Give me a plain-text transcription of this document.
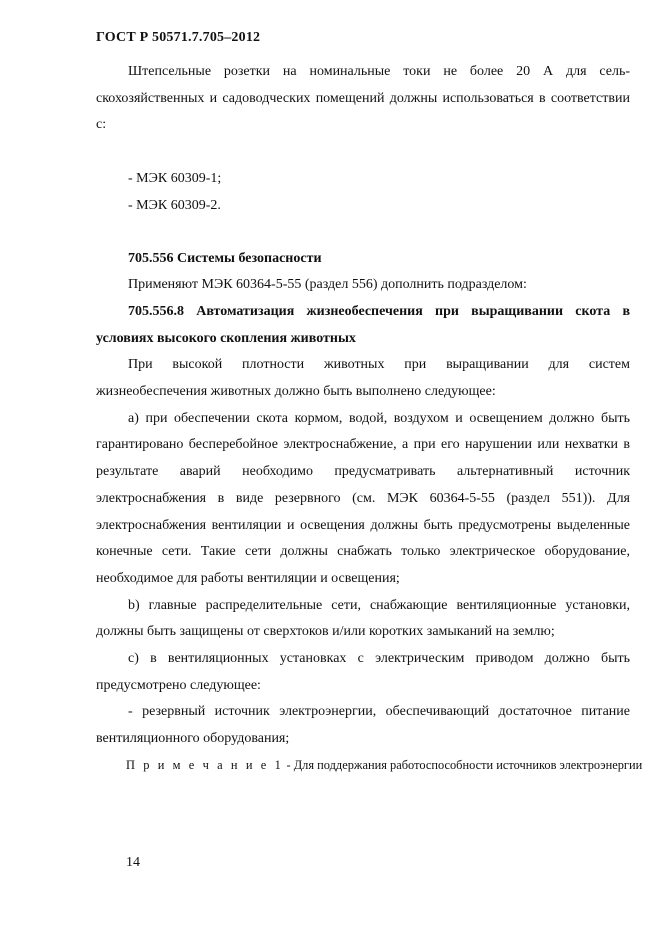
ГОСТ Р 50571.7.705–2012

Штепсельные розетки на номинальные токи не более 20 А для сель-скохозяйственных и садоводческих помещений должны использоваться в соответствии с:

- МЭК 60309-1;

- МЭК 60309-2.

705.556 Системы безопасности

Применяют МЭК 60364-5-55 (раздел 556) дополнить подразделом:

705.556.8 Автоматизация жизнеобеспечения при выращивании скота в условиях высокого скопления животных

При высокой плотности животных при выращивании для систем жизнеобеспечения животных должно быть выполнено следующее:

a) при обеспечении скота кормом, водой, воздухом и освещением должно быть гарантировано бесперебойное электроснабжение, а при его нарушении или нехватки в результате аварий необходимо предусматривать альтернативный источник электроснабжения в виде резервного (см. МЭК 60364-5-55 (раздел 551)). Для электроснабжения вентиляции и освещения должны быть предусмотрены выделенные конечные сети. Такие сети должны снабжать только электрическое оборудование, необходимое для работы вентиляции и освещения;

b) главные распределительные сети, снабжающие вентиляционные установки, должны быть защищены от сверхтоков и/или коротких замыканий на землю;

c) в вентиляционных установках с электрическим приводом должно быть предусмотрено следующее:

- резервный источник электроэнергии, обеспечивающий достаточное питание вентиляционного оборудования;

П р и м е ч а н и е 1 - Для поддержания работоспособности источников электроэнергии

14
